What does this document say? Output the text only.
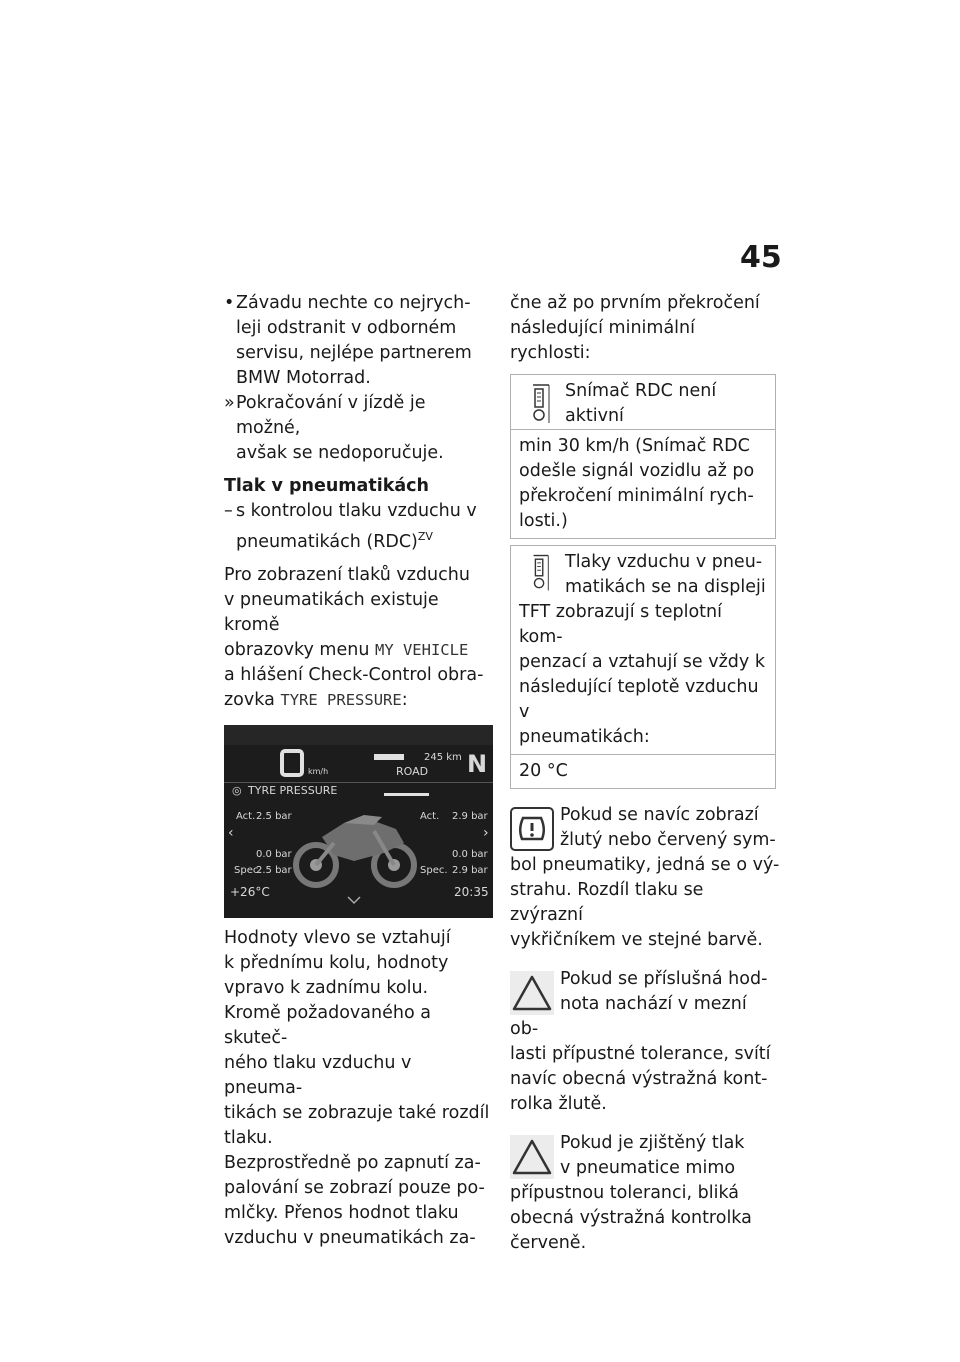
45
• Závadu nechte co nejrych-
leji odstranit v odborném
servisu, nejlépe partnerem
BMW Motorrad.
» Pokračování v jízdě je možné,
avšak se nedoporučuje.
Tlak v pneumatikách
– s kontrolou tlaku vzduchu v
pneumatikách (RDC)$^{ZV}$
Pro zobrazení tlaků vzduchu
v pneumatikách existuje kromě
obrazovky menu MY VEHICLE
a hlášení Check-Control obra-
zovka TYRE PRESSURE:
km/h
245 km
ROAD N
◎ TYRE PRESSURE
Act. 2.5 bar	Act. 2.9 bar
‹	›
0.0 bar	0.0 bar
Spec.
2.5 bar	Spec. 2.9 bar
+26°C	20:35
Hodnoty vlevo se vztahují
k přednímu kolu, hodnoty
vpravo k zadnímu kolu.
Kromě požadovaného a skuteč-
ného tlaku vzduchu v pneuma-
tikách se zobrazuje také rozdíl
tlaku.
Bezprostředně po zapnutí za-
palování se zobrazí pouze po-
mlčky. Přenos hodnot tlaku
vzduchu v pneumatikách za-
čne až po prvním překročení
následující minimální rychlosti:
Snímač RDC není aktivní
min 30 km/h (Snímač RDC
odešle signál vozidlu až po
překročení minimální rych-
losti.)
Tlaky vzduchu v pneu-
matikách se na displeji
TFT zobrazují s teplotní kom-
penzací a vztahují se vždy k
následující teplotě vzduchu v
pneumatikách:
20 °C
Pokud se navíc zobrazí
žlutý nebo červený sym-
bol pneumatiky, jedná se o vý-
strahu. Rozdíl tlaku se zvýrazní
vykřičníkem ve stejné barvě.
Pokud se příslušná hod-
nota nachází v mezní ob-
lasti přípustné tolerance, svítí
navíc obecná výstražná kont-
rolka žlutě.
Pokud je zjištěný tlak
v pneumatice mimo
přípustnou toleranci, bliká
obecná výstražná kontrolka
červeně.
